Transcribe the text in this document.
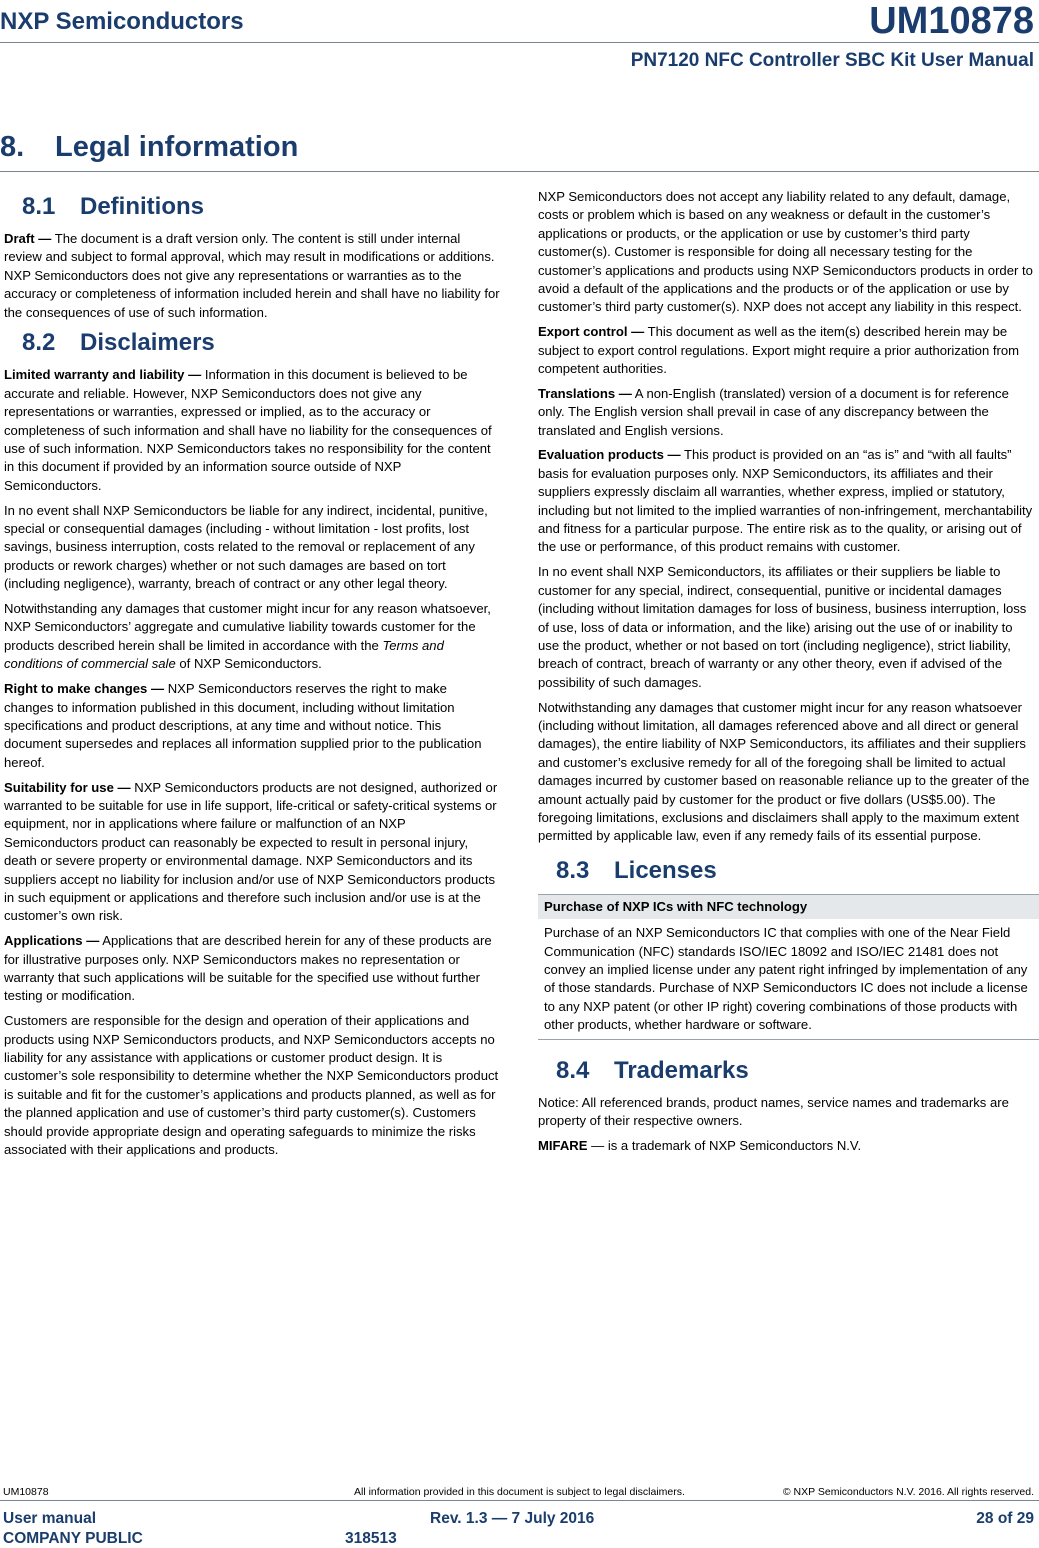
NXP Semiconductors	UM10878
PN7120 NFC Controller SBC Kit User Manual
8. Legal information
8.1 Definitions

Draft — The document is a draft version only. The content is still under internal review and subject to formal approval, which may result in modifications or additions. NXP Semiconductors does not give any representations or warranties as to the accuracy or completeness of information included herein and shall have no liability for the consequences of use of such information.

8.2 Disclaimers

Limited warranty and liability — Information in this document is believed to be accurate and reliable. However, NXP Semiconductors does not give any representations or warranties, expressed or implied, as to the accuracy or completeness of such information and shall have no liability for the consequences of use of such information. NXP Semiconductors takes no responsibility for the content in this document if provided by an information source outside of NXP Semiconductors.

In no event shall NXP Semiconductors be liable for any indirect, incidental, punitive, special or consequential damages (including - without limitation - lost profits, lost savings, business interruption, costs related to the removal or replacement of any products or rework charges) whether or not such damages are based on tort (including negligence), warranty, breach of contract or any other legal theory.

Notwithstanding any damages that customer might incur for any reason whatsoever, NXP Semiconductors’ aggregate and cumulative liability towards customer for the products described herein shall be limited in accordance with the Terms and conditions of commercial sale of NXP Semiconductors.

Right to make changes — NXP Semiconductors reserves the right to make changes to information published in this document, including without limitation specifications and product descriptions, at any time and without notice. This document supersedes and replaces all information supplied prior to the publication hereof.

Suitability for use — NXP Semiconductors products are not designed, authorized or warranted to be suitable for use in life support, life-critical or safety-critical systems or equipment, nor in applications where failure or malfunction of an NXP Semiconductors product can reasonably be expected to result in personal injury, death or severe property or environmental damage. NXP Semiconductors and its suppliers accept no liability for inclusion and/or use of NXP Semiconductors products in such equipment or applications and therefore such inclusion and/or use is at the customer’s own risk.

Applications — Applications that are described herein for any of these products are for illustrative purposes only. NXP Semiconductors makes no representation or warranty that such applications will be suitable for the specified use without further testing or modification.

Customers are responsible for the design and operation of their applications and products using NXP Semiconductors products, and NXP Semiconductors accepts no liability for any assistance with applications or customer product design. It is customer’s sole responsibility to determine whether the NXP Semiconductors product is suitable and fit for the customer’s applications and products planned, as well as for the planned application and use of customer’s third party customer(s). Customers should provide appropriate design and operating safeguards to minimize the risks associated with their applications and products.

NXP Semiconductors does not accept any liability related to any default, damage, costs or problem which is based on any weakness or default in the customer’s applications or products, or the application or use by customer’s third party customer(s). Customer is responsible for doing all necessary testing for the customer’s applications and products using NXP Semiconductors products in order to avoid a default of the applications and the products or of the application or use by customer’s third party customer(s). NXP does not accept any liability in this respect.

Export control — This document as well as the item(s) described herein may be subject to export control regulations. Export might require a prior authorization from competent authorities.

Translations — A non-English (translated) version of a document is for reference only. The English version shall prevail in case of any discrepancy between the translated and English versions.

Evaluation products — This product is provided on an “as is” and “with all faults” basis for evaluation purposes only. NXP Semiconductors, its affiliates and their suppliers expressly disclaim all warranties, whether express, implied or statutory, including but not limited to the implied warranties of non-infringement, merchantability and fitness for a particular purpose. The entire risk as to the quality, or arising out of the use or performance, of this product remains with customer.

In no event shall NXP Semiconductors, its affiliates or their suppliers be liable to customer for any special, indirect, consequential, punitive or incidental damages (including without limitation damages for loss of business, business interruption, loss of use, loss of data or information, and the like) arising out the use of or inability to use the product, whether or not based on tort (including negligence), strict liability, breach of contract, breach of warranty or any other theory, even if advised of the possibility of such damages.

Notwithstanding any damages that customer might incur for any reason whatsoever (including without limitation, all damages referenced above and all direct or general damages), the entire liability of NXP Semiconductors, its affiliates and their suppliers and customer’s exclusive remedy for all of the foregoing shall be limited to actual damages incurred by customer based on reasonable reliance up to the greater of the amount actually paid by customer for the product or five dollars (US$5.00). The foregoing limitations, exclusions and disclaimers shall apply to the maximum extent permitted by applicable law, even if any remedy fails of its essential purpose.

8.3 Licenses
Purchase of NXP ICs with NFC technology
Purchase of an NXP Semiconductors IC that complies with one of the Near Field Communication (NFC) standards ISO/IEC 18092 and ISO/IEC 21481 does not convey an implied license under any patent right infringed by implementation of any of those standards. Purchase of NXP Semiconductors IC does not include a license to any NXP patent (or other IP right) covering combinations of those products with other products, whether hardware or software.
8.4 Trademarks

Notice: All referenced brands, product names, service names and trademarks are property of their respective owners.

MIFARE — is a trademark of NXP Semiconductors N.V.

UM10878	All information provided in this document is subject to legal disclaimers.	© NXP Semiconductors N.V. 2016. All rights reserved.
User manual	Rev. 1.3 — 7 July 2016	28 of 29
COMPANY PUBLIC	318513
